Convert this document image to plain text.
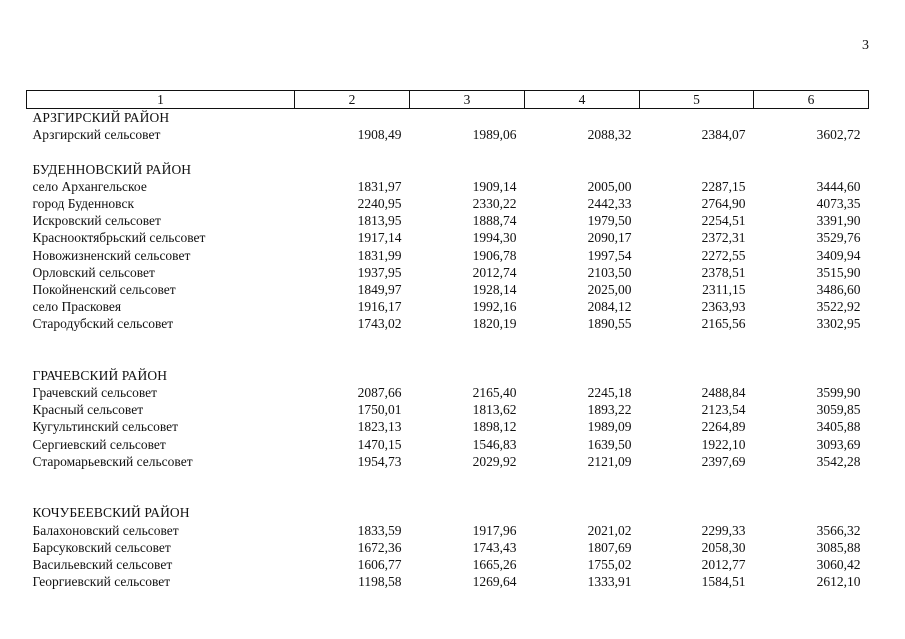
3
1	2	3	4	5	6
АРЗГИРСКИЙ РАЙОН					
Арзгирский сельсовет	1908,49	1989,06	2088,32	2384,07	3602,72

БУДЕННОВСКИЙ РАЙОН					
село Архангельское	1831,97	1909,14	2005,00	2287,15	3444,60
город Буденновск	2240,95	2330,22	2442,33	2764,90	4073,35
Искровский сельсовет	1813,95	1888,74	1979,50	2254,51	3391,90
Краснооктябрьский сельсовет	1917,14	1994,30	2090,17	2372,31	3529,76
Новожизненский сельсовет	1831,99	1906,78	1997,54	2272,55	3409,94
Орловский сельсовет	1937,95	2012,74	2103,50	2378,51	3515,90
Покойненский сельсовет	1849,97	1928,14	2025,00	2311,15	3486,60
село Прасковея	1916,17	1992,16	2084,12	2363,93	3522,92
Стародубский сельсовет	1743,02	1820,19	1890,55	2165,56	3302,95

ГРАЧЕВСКИЙ РАЙОН					
Грачевский сельсовет	2087,66	2165,40	2245,18	2488,84	3599,90
Красный сельсовет	1750,01	1813,62	1893,22	2123,54	3059,85
Кугультинский сельсовет	1823,13	1898,12	1989,09	2264,89	3405,88
Сергиевский сельсовет	1470,15	1546,83	1639,50	1922,10	3093,69
Старомарьевский сельсовет	1954,73	2029,92	2121,09	2397,69	3542,28

КОЧУБЕЕВСКИЙ РАЙОН					
Балахоновский сельсовет	1833,59	1917,96	2021,02	2299,33	3566,32
Барсуковский сельсовет	1672,36	1743,43	1807,69	2058,30	3085,88
Васильевский сельсовет	1606,77	1665,26	1755,02	2012,77	3060,42
Георгиевский сельсовет	1198,58	1269,64	1333,91	1584,51	2612,10
